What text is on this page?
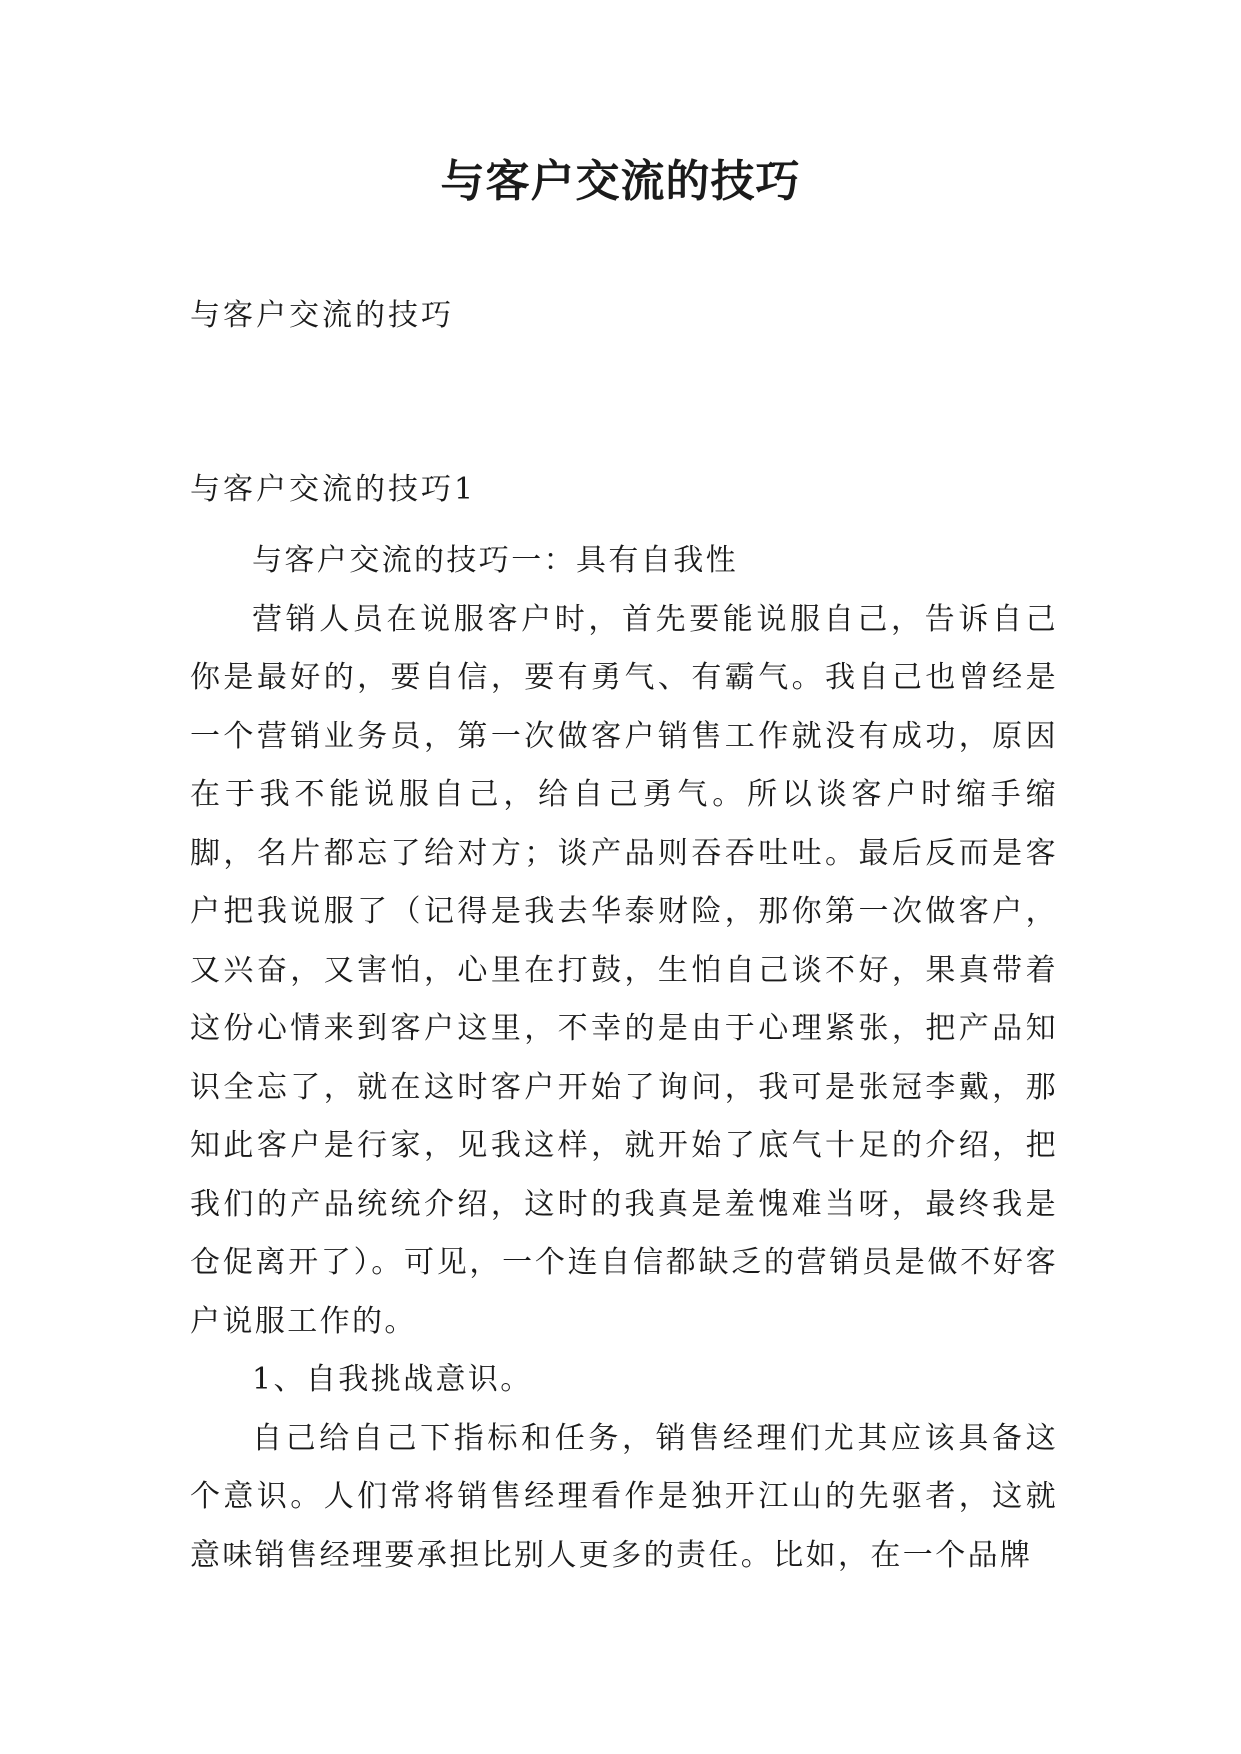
与客户交流的技巧
与客户交流的技巧
与客户交流的技巧1

与客户交流的技巧一：具有自我性

营销人员在说服客户时，首先要能说服自己，告诉自己你是最好的，要自信，要有勇气、有霸气。我自己也曾经是一个营销业务员，第一次做客户销售工作就没有成功，原因在于我不能说服自己，给自己勇气。所以谈客户时缩手缩脚，名片都忘了给对方；谈产品则吞吞吐吐。最后反而是客户把我说服了（记得是我去华泰财险，那你第一次做客户，又兴奋，又害怕，心里在打鼓，生怕自己谈不好，果真带着这份心情来到客户这里，不幸的是由于心理紧张，把产品知识全忘了，就在这时客户开始了询问，我可是张冠李戴，那知此客户是行家，见我这样，就开始了底气十足的介绍，把我们的产品统统介绍，这时的我真是羞愧难当呀，最终我是仓促离开了）。可见，一个连自信都缺乏的营销员是做不好客户说服工作的。

1、自我挑战意识。

自己给自己下指标和任务，销售经理们尤其应该具备这个意识。人们常将销售经理看作是独开江山的先驱者，这就意味销售经理要承担比别人更多的责任。比如，在一个品牌
